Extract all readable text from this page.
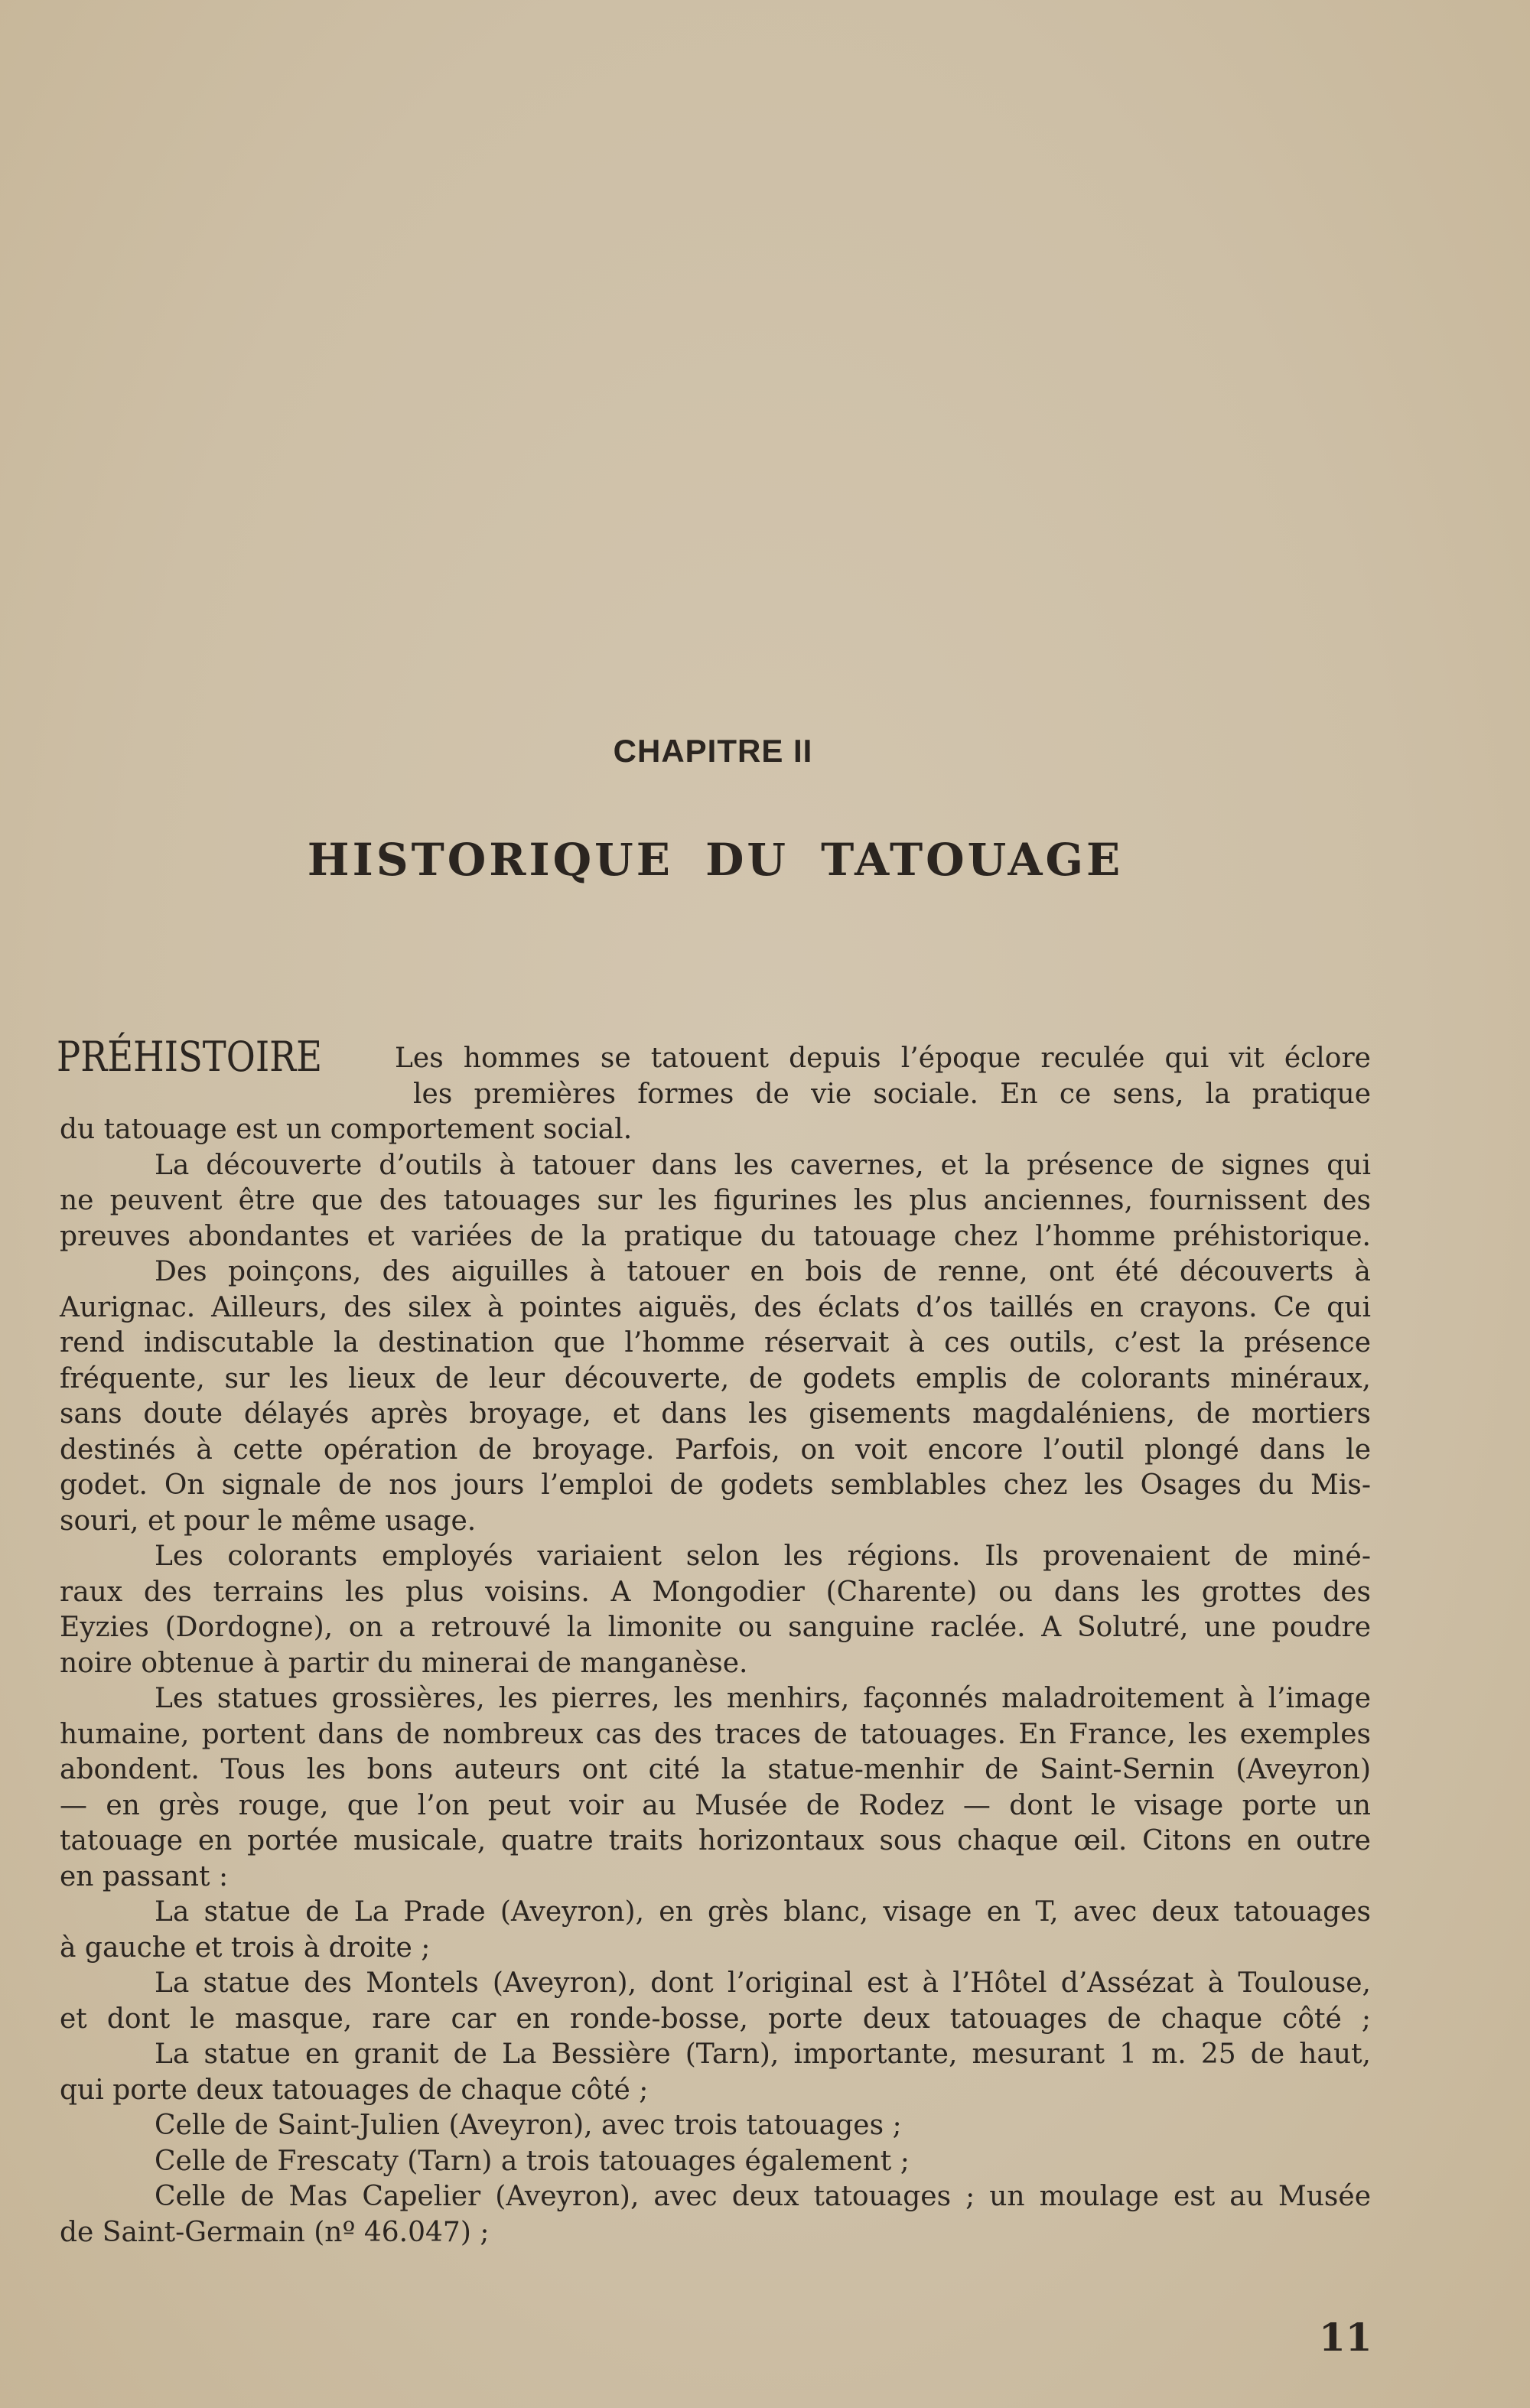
CHAPITRE II
HISTORIQUE DU TATOUAGE
PRÉHISTOIRE	Les hommes se tatouent depuis l’époque reculée qui vit éclore
les premières formes de vie sociale. En ce sens, la pratique
du tatouage est un comportement social.
La découverte d’outils à tatouer dans les cavernes, et la présence de signes qui
ne peuvent être que des tatouages sur les figurines les plus anciennes, fournissent des
preuves abondantes et variées de la pratique du tatouage chez l’homme préhistorique.
Des poinçons, des aiguilles à tatouer en bois de renne, ont été découverts à
Aurignac. Ailleurs, des silex à pointes aiguës, des éclats d’os taillés en crayons. Ce qui
rend indiscutable la destination que l’homme réservait à ces outils, c’est la présence
fréquente, sur les lieux de leur découverte, de godets emplis de colorants minéraux,
sans doute délayés après broyage, et dans les gisements magdaléniens, de mortiers
destinés à cette opération de broyage. Parfois, on voit encore l’outil plongé dans le
godet. On signale de nos jours l’emploi de godets semblables chez les Osages du Mis-
souri, et pour le même usage.
Les colorants employés variaient selon les régions. Ils provenaient de miné-
raux des terrains les plus voisins. A Mongodier (Charente) ou dans les grottes des
Eyzies (Dordogne), on a retrouvé la limonite ou sanguine raclée. A Solutré, une poudre
noire obtenue à partir du minerai de manganèse.
Les statues grossières, les pierres, les menhirs, façonnés maladroitement à l’image
humaine, portent dans de nombreux cas des traces de tatouages. En France, les exemples
abondent. Tous les bons auteurs ont cité la statue-menhir de Saint-Sernin (Aveyron)
— en grès rouge, que l’on peut voir au Musée de Rodez — dont le visage porte un
tatouage en portée musicale, quatre traits horizontaux sous chaque œil. Citons en outre
en passant :
La statue de La Prade (Aveyron), en grès blanc, visage en T, avec deux tatouages
à gauche et trois à droite ;
La statue des Montels (Aveyron), dont l’original est à l’Hôtel d’Assézat à Toulouse,
et dont le masque, rare car en ronde-bosse, porte deux tatouages de chaque côté ;
La statue en granit de La Bessière (Tarn), importante, mesurant 1 m. 25 de haut,
qui porte deux tatouages de chaque côté ;
Celle de Saint-Julien (Aveyron), avec trois tatouages ;
Celle de Frescaty (Tarn) a trois tatouages également ;
Celle de Mas Capelier (Aveyron), avec deux tatouages ; un moulage est au Musée
de Saint-Germain (nº 46.047) ;
11
